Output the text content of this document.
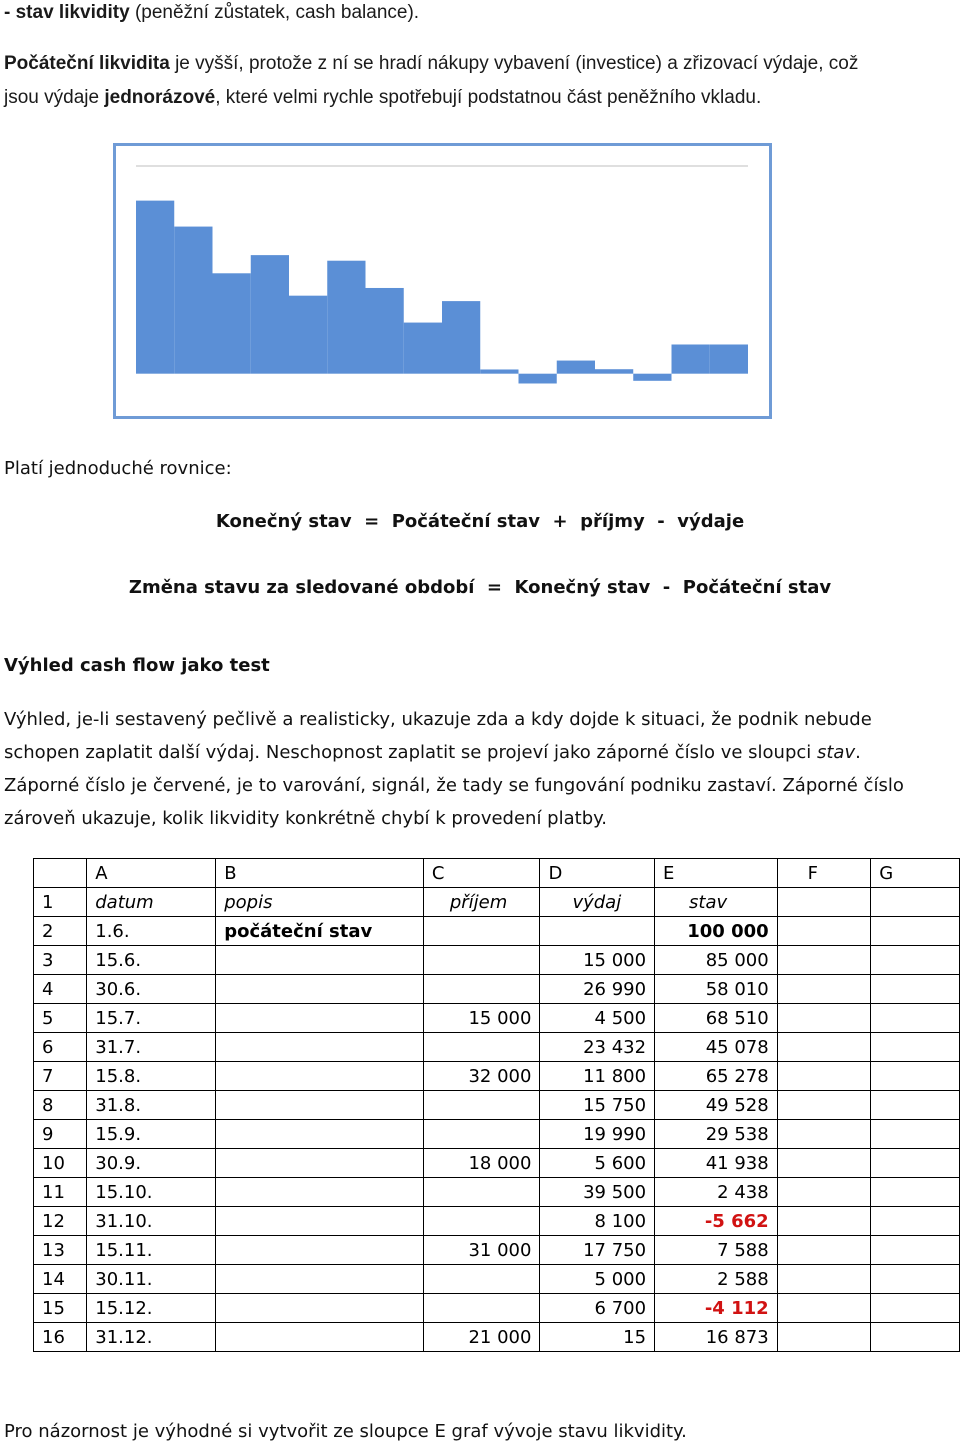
- stav likvidity (peněžní zůstatek, cash balance).
Počáteční likvidita je vyšší, protože z ní se hradí nákupy vybavení (investice) a zřizovací výdaje, což
jsou výdaje jednorázové, které velmi rychle spotřebují podstatnou část peněžního vkladu.
Platí jednoduché rovnice:
Konečný stav  =  Počáteční stav  +  příjmy  -  výdaje
Změna stavu za sledované období  =  Konečný stav  -  Počáteční stav
Výhled cash flow jako test
Výhled, je-li sestavený pečlivě a realisticky, ukazuje zda a kdy dojde k situaci, že podnik nebude
schopen zaplatit další výdaj. Neschopnost zaplatit se projeví jako záporné číslo ve sloupci stav.
Záporné číslo je červené, je to varování, signál, že tady se fungování podniku zastaví. Záporné číslo
zároveň ukazuje, kolik likvidity konkrétně chybí k provedení platby.
	A	B	C	D	E	F	G
1	datum	popis	příjem	výdaj	stav		
2	1.6.	počáteční stav			100 000		
3	15.6.			15 000	85 000		
4	30.6.			26 990	58 010		
5	15.7.		15 000	4 500	68 510		
6	31.7.			23 432	45 078		
7	15.8.		32 000	11 800	65 278		
8	31.8.			15 750	49 528		
9	15.9.			19 990	29 538		
10	30.9.		18 000	5 600	41 938		
11	15.10.			39 500	2 438		
12	31.10.			8 100	-5 662		
13	15.11.		31 000	17 750	7 588		
14	30.11.			5 000	2 588		
15	15.12.			6 700	-4 112		
16	31.12.		21 000	15	16 873		
Pro názornost je výhodné si vytvořit ze sloupce E graf vývoje stavu likvidity.
